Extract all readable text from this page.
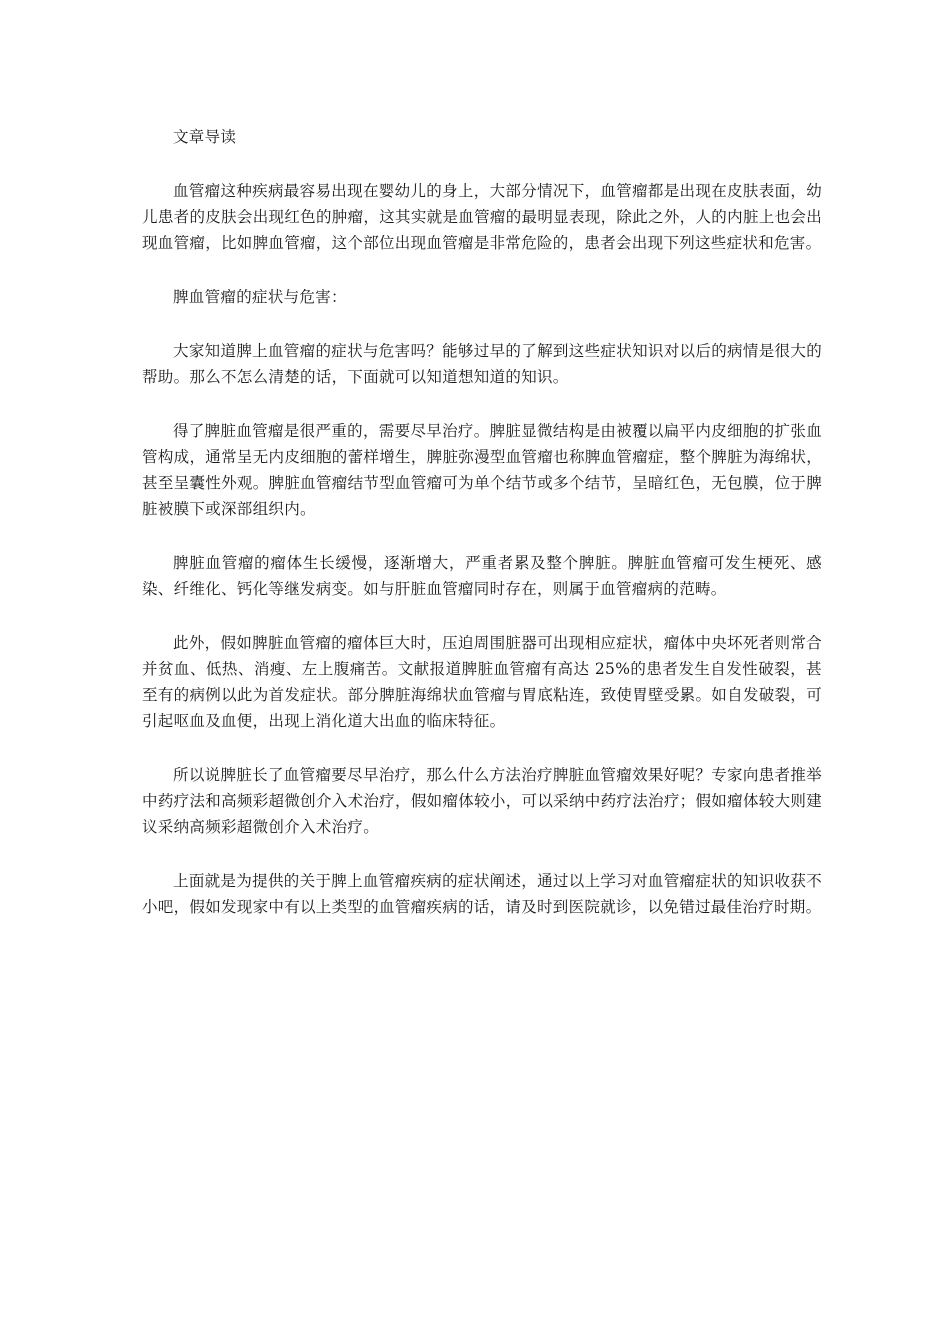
文章导读

血管瘤这种疾病最容易出现在婴幼儿的身上，大部分情况下，血管瘤都是出现在皮肤表面，幼儿患者的皮肤会出现红色的肿瘤，这其实就是血管瘤的最明显表现，除此之外，人的内脏上也会出现血管瘤，比如脾血管瘤，这个部位出现血管瘤是非常危险的，患者会出现下列这些症状和危害。

脾血管瘤的症状与危害：

大家知道脾上血管瘤的症状与危害吗？能够过早的了解到这些症状知识对以后的病情是很大的帮助。那么不怎么清楚的话，下面就可以知道想知道的知识。

得了脾脏血管瘤是很严重的，需要尽早治疗。脾脏显微结构是由被覆以扁平内皮细胞的扩张血管构成，通常呈无内皮细胞的蕾样增生，脾脏弥漫型血管瘤也称脾血管瘤症，整个脾脏为海绵状，甚至呈囊性外观。脾脏血管瘤结节型血管瘤可为单个结节或多个结节，呈暗红色，无包膜，位于脾脏被膜下或深部组织内。

脾脏血管瘤的瘤体生长缓慢，逐渐增大，严重者累及整个脾脏。脾脏血管瘤可发生梗死、感染、纤维化、钙化等继发病变。如与肝脏血管瘤同时存在，则属于血管瘤病的范畴。

此外，假如脾脏血管瘤的瘤体巨大时，压迫周围脏器可出现相应症状，瘤体中央坏死者则常合并贫血、低热、消瘦、左上腹痛苦。文献报道脾脏血管瘤有高达 25%的患者发生自发性破裂，甚至有的病例以此为首发症状。部分脾脏海绵状血管瘤与胃底粘连，致使胃壁受累。如自发破裂，可引起呕血及血便，出现上消化道大出血的临床特征。

所以说脾脏长了血管瘤要尽早治疗，那么什么方法治疗脾脏血管瘤效果好呢？专家向患者推举中药疗法和高频彩超微创介入术治疗，假如瘤体较小，可以采纳中药疗法治疗；假如瘤体较大则建议采纳高频彩超微创介入术治疗。

上面就是为提供的关于脾上血管瘤疾病的症状阐述，通过以上学习对血管瘤症状的知识收获不小吧，假如发现家中有以上类型的血管瘤疾病的话，请及时到医院就诊，以免错过最佳治疗时期。
